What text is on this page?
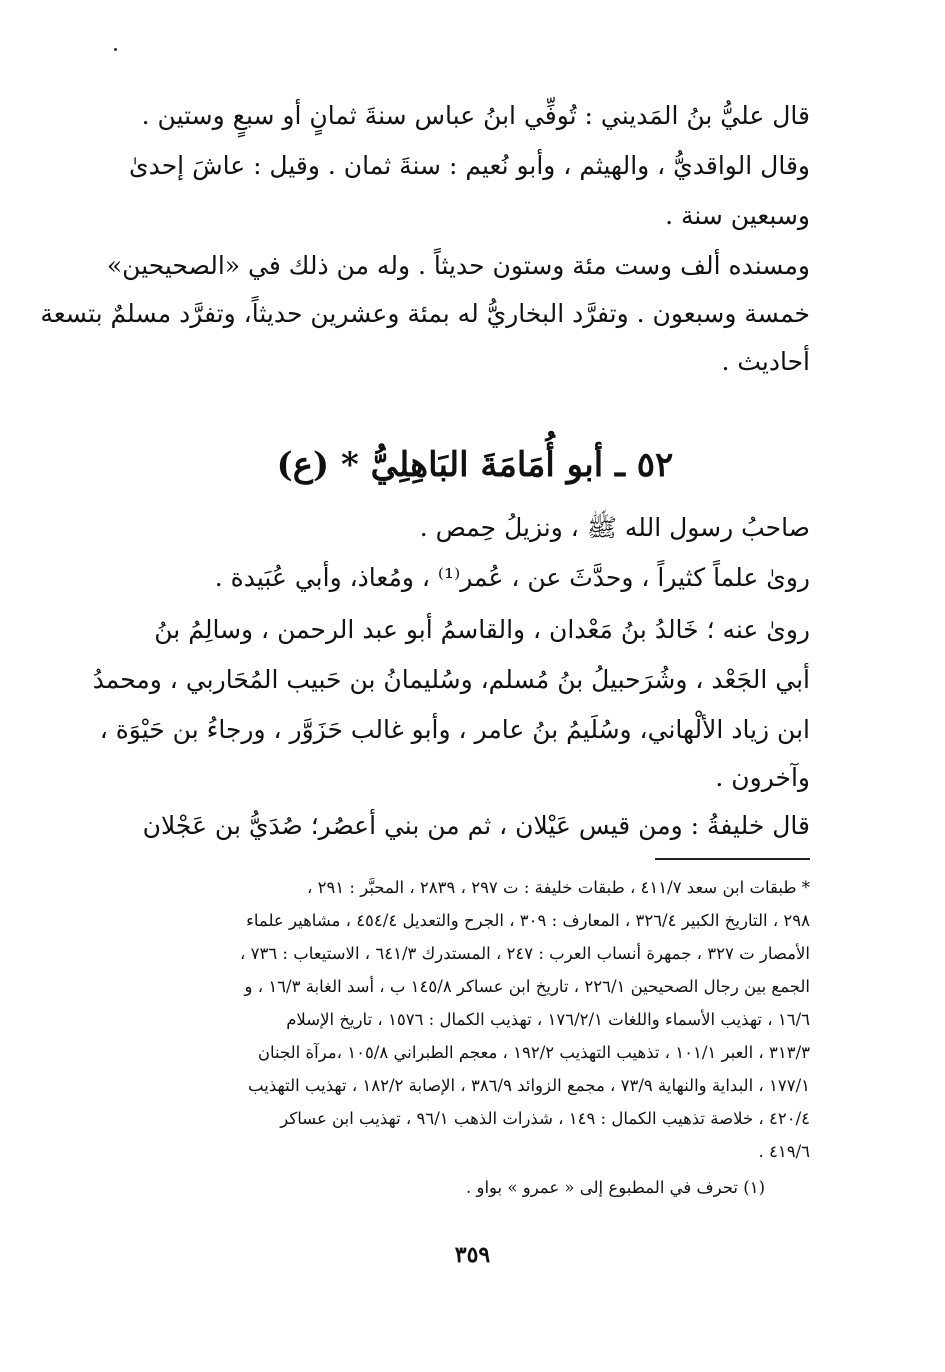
قال عليُّ بنُ المَديني : تُوفِّي ابنُ عباس سنةَ ثمانٍ أو سبعٍ وستين .
وقال الواقديُّ ، والهيثم ، وأبو نُعيم : سنةَ ثمان . وقيل : عاشَ إحدىٰ
وسبعين سنة .
ومسنده ألف وست مئة وستون حديثاً . وله من ذلك في «الصحيحين»
خمسة وسبعون . وتفرَّد البخاريُّ له بمئة وعشرين حديثاً، وتفرَّد مسلمٌ بتسعة
أحاديث .
٥٢ ـ أبو أُمَامَةَ البَاهِلِيُّ * (ع)
صاحبُ رسول الله ﷺ ، ونزيلُ حِمص .
روىٰ علماً كثيراً ، وحدَّثَ عن ، عُمر⁽¹⁾ ، ومُعاذ، وأبي عُبَيدة .
روىٰ عنه ؛ خَالدُ بنُ مَعْدان ، والقاسمُ أبو عبد الرحمن ، وسالِمُ بنُ
أبي الجَعْد ، وشُرَحبيلُ بنُ مُسلم، وسُليمانُ بن حَبيب المُحَاربي ، ومحمدُ
ابن زياد الألْهاني، وسُلَيمُ بنُ عامر ، وأبو غالب حَزَوَّر ، ورجاءُ بن حَيْوَة ،
وآخرون .
قال خليفةُ : ومن قيس عَيْلان ، ثم من بني أعصُر؛ صُدَيُّ بن عَجْلان
* طبقات ابن سعد ٤١١/٧ ، طبقات خليفة : ت ٢٩٧ ، ٢٨٣٩ ، المحبَّر : ٢٩١ ،
٢٩٨ ، التاريخ الكبير ٣٢٦/٤ ، المعارف : ٣٠٩ ، الجرح والتعديل ٤٥٤/٤ ، مشاهير علماء
الأمصار ت ٣٢٧ ، جمهرة أنساب العرب : ٢٤٧ ، المستدرك ٦٤١/٣ ، الاستيعاب : ٧٣٦ ،
الجمع بين رجال الصحيحين ٢٢٦/١ ، تاريخ ابن عساكر ١٤٥/٨ ب ، أسد الغابة ١٦/٣ ، و
١٦/٦ ، تهذيب الأسماء واللغات ١٧٦/٢/١ ، تهذيب الكمال : ١٥٧٦ ، تاريخ الإسلام
٣١٣/٣ ، العبر ١٠١/١ ، تذهيب التهذيب ١٩٢/٢ ، معجم الطبراني ١٠٥/٨ ،مرآة الجنان
١٧٧/١ ، البداية والنهاية ٧٣/٩ ، مجمع الزوائد ٣٨٦/٩ ، الإصابة ١٨٢/٢ ، تهذيب التهذيب
٤٢٠/٤ ، خلاصة تذهيب الكمال : ١٤٩ ، شذرات الذهب ٩٦/١ ، تهذيب ابن عساكر
٤١٩/٦ .
(١) تحرف في المطبوع إلى « عمرو » بواو .
٣٥٩
